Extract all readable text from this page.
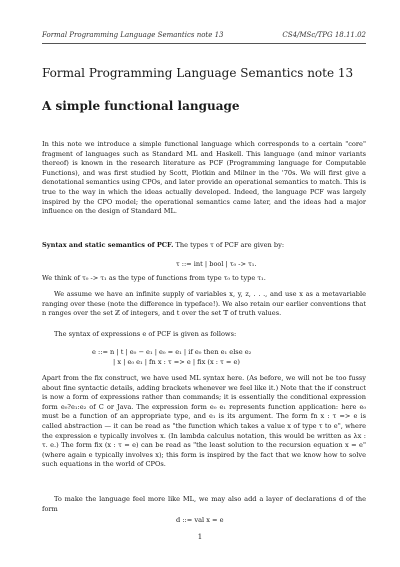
Formal Programming Language Semantics note 13	CS4/MSc/TPG 18.11.02
Formal Programming Language Semantics note 13
A simple functional language

In this note we introduce a simple functional language which corresponds to a certain "core" fragment of languages such as Standard ML and Haskell. This language (and minor variants thereof) is known in the research literature as PCF (Programming language for Computable Functions), and was first studied by Scott, Plotkin and Milner in the '70s. We will first give a denotational semantics using CPOs, and later provide an operational semantics to match. This is true to the way in which the ideas actually developed. Indeed, the language PCF was largely inspired by the CPO model; the operational semantics came later, and the ideas had a major influence on the design of Standard ML.

Syntax and static semantics of PCF. The types τ of PCF are given by:

τ ::= int | bool | τ₀ -> τ₁.

We think of τ₀ -> τ₁ as the type of functions from type τ₀ to type τ₁.

We assume we have an infinite supply of variables x, y, z, . . ., and use x as a metavariable ranging over these (note the difference in typeface!). We also retain our earlier conventions that n ranges over the set ℤ of integers, and t over the set 𝕋 of truth values.

The syntax of expressions e of PCF is given as follows:

e ::= n | t | e₀ − e₁ | e₀ = e₁ | if e₀ then e₁ else e₂
| x | e₀ e₁ | fn x : τ => e | fix (x : τ = e)

Apart from the fix construct, we have used ML syntax here. (As before, we will not be too fussy about fine syntactic details, adding brackets whenever we feel like it.) Note that the if construct is now a form of expressions rather than commands; it is essentially the conditional expression form e₀?e₁:e₂ of C or Java. The expression form e₀ e₁ represents function application: here e₀ must be a function of an appropriate type, and e₁ is its argument. The form fn x : τ => e is called abstraction — it can be read as "the function which takes a value x of type τ to e", where the expression e typically involves x. (In lambda calculus notation, this would be written as λx : τ. e.) The form fix (x : τ = e) can be read as "the least solution to the recursion equation x = e" (where again e typically involves x); this form is inspired by the fact that we know how to solve such equations in the world of CPOs.

To make the language feel more like ML, we may also add a layer of declarations d of the form

d ::= val x = e
1
